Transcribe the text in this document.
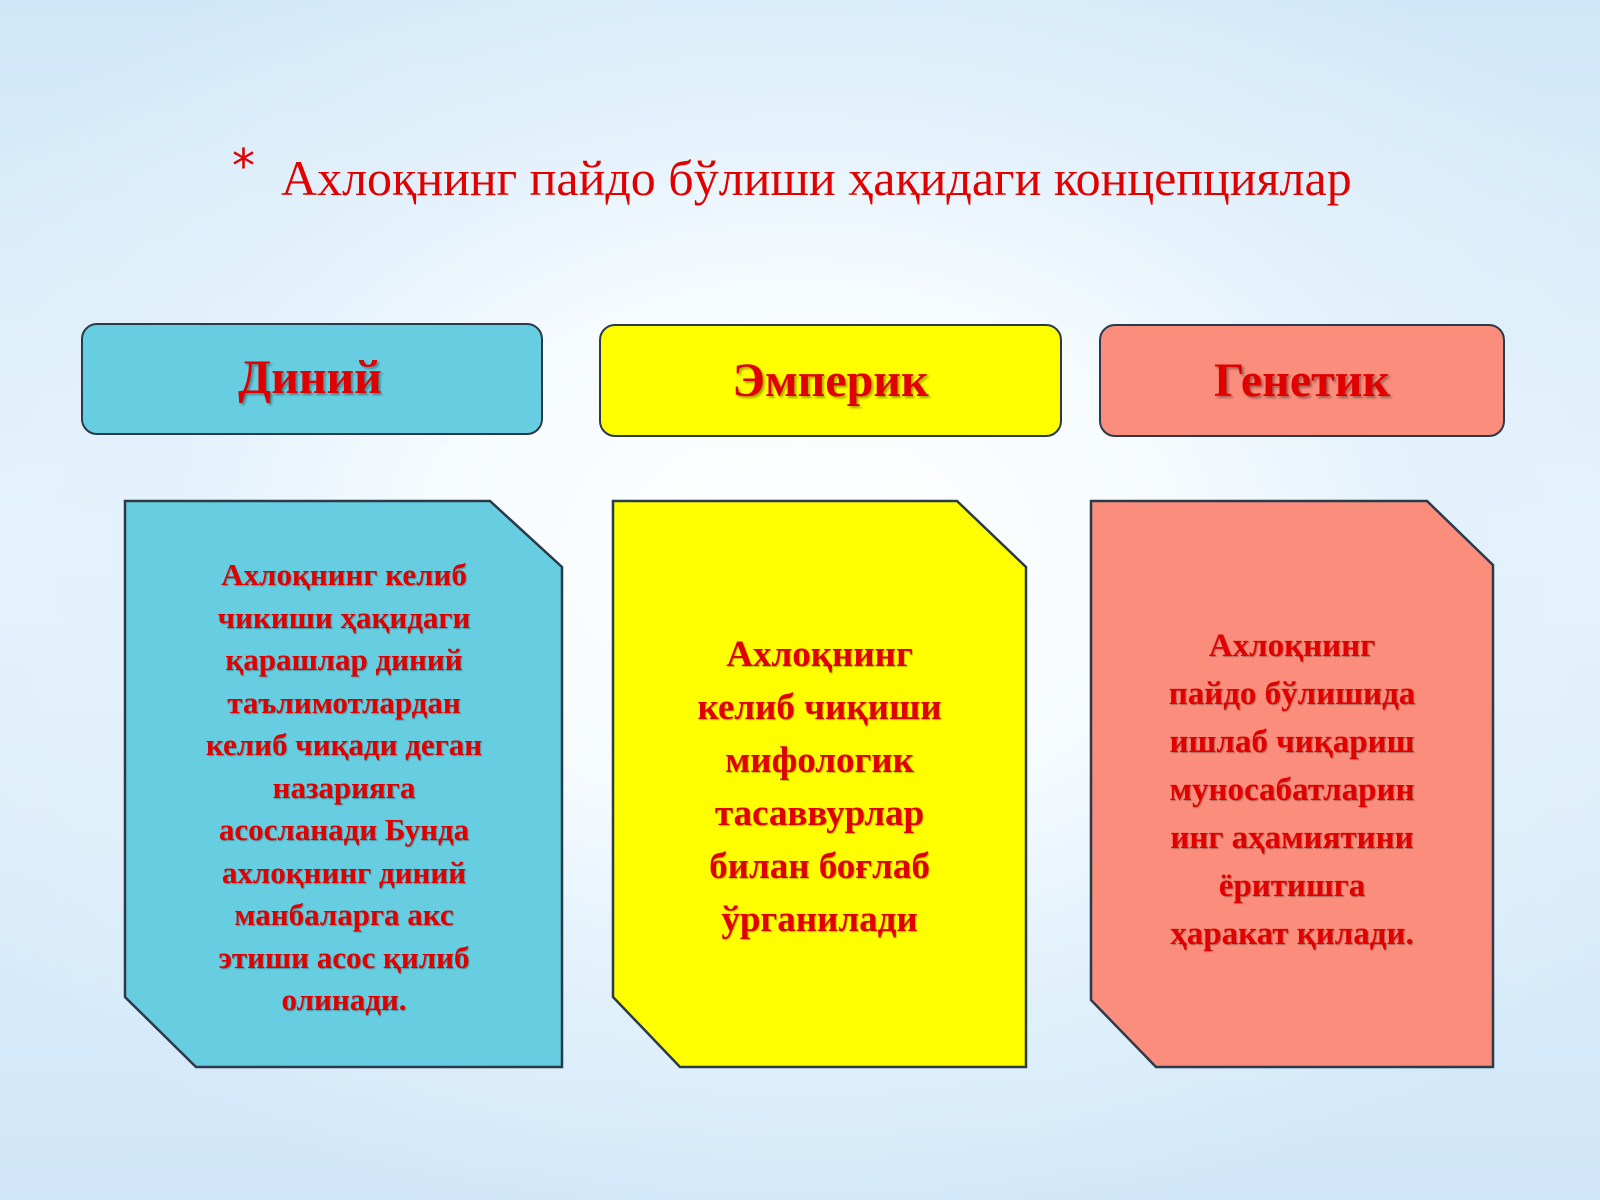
* Ахлоқнинг пайдо бўлиши ҳақидаги концепциялар
Диний	Эмперик	Генетик
Ахлоқнинг келиб
чикиши ҳақидаги
қарашлар диний
таълимотлардан
келиб чиқади деган
назарияга
асосланади Бунда
ахлоқнинг диний
манбаларга акс
этиши асос қилиб
олинади.
Ахлоқнинг
келиб чиқиши
мифологик
тасаввурлар
билан боғлаб
ўрганилади
Ахлоқнинг
пайдо бўлишида
ишлаб чиқариш
муносабатларин
инг аҳамиятини
ёритишга
ҳаракат қилади.
